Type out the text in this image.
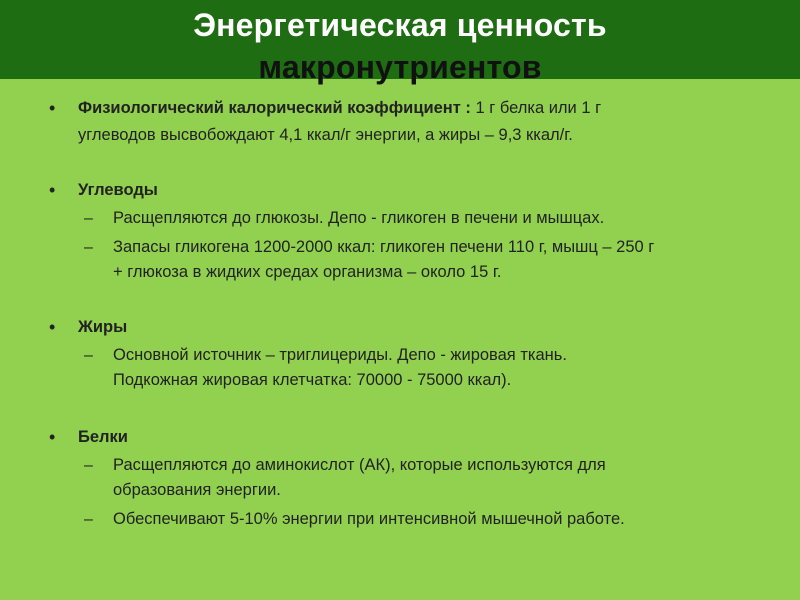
Энергетическая ценность
макронутриентов
• Физиологический калорический коэффициент : 1 г белка или 1 г
углеводов высвобождают 4,1 ккал/г энергии, а жиры – 9,3 ккал/г.
• Углеводы
– Расщепляются до глюкозы. Депо - гликоген в печени и мышцах.
– Запасы гликогена 1200-2000 ккал: гликоген печени 110 г, мышц – 250 г
+ глюкоза в жидких средах организма – около 15 г.
• Жиры
– Основной источник – триглицериды. Депо - жировая ткань.
Подкожная жировая клетчатка: 70000 - 75000 ккал).
• Белки
– Расщепляются до аминокислот (АК), которые используются для
образования энергии.
– Обеспечивают 5-10% энергии при интенсивной мышечной работе.
